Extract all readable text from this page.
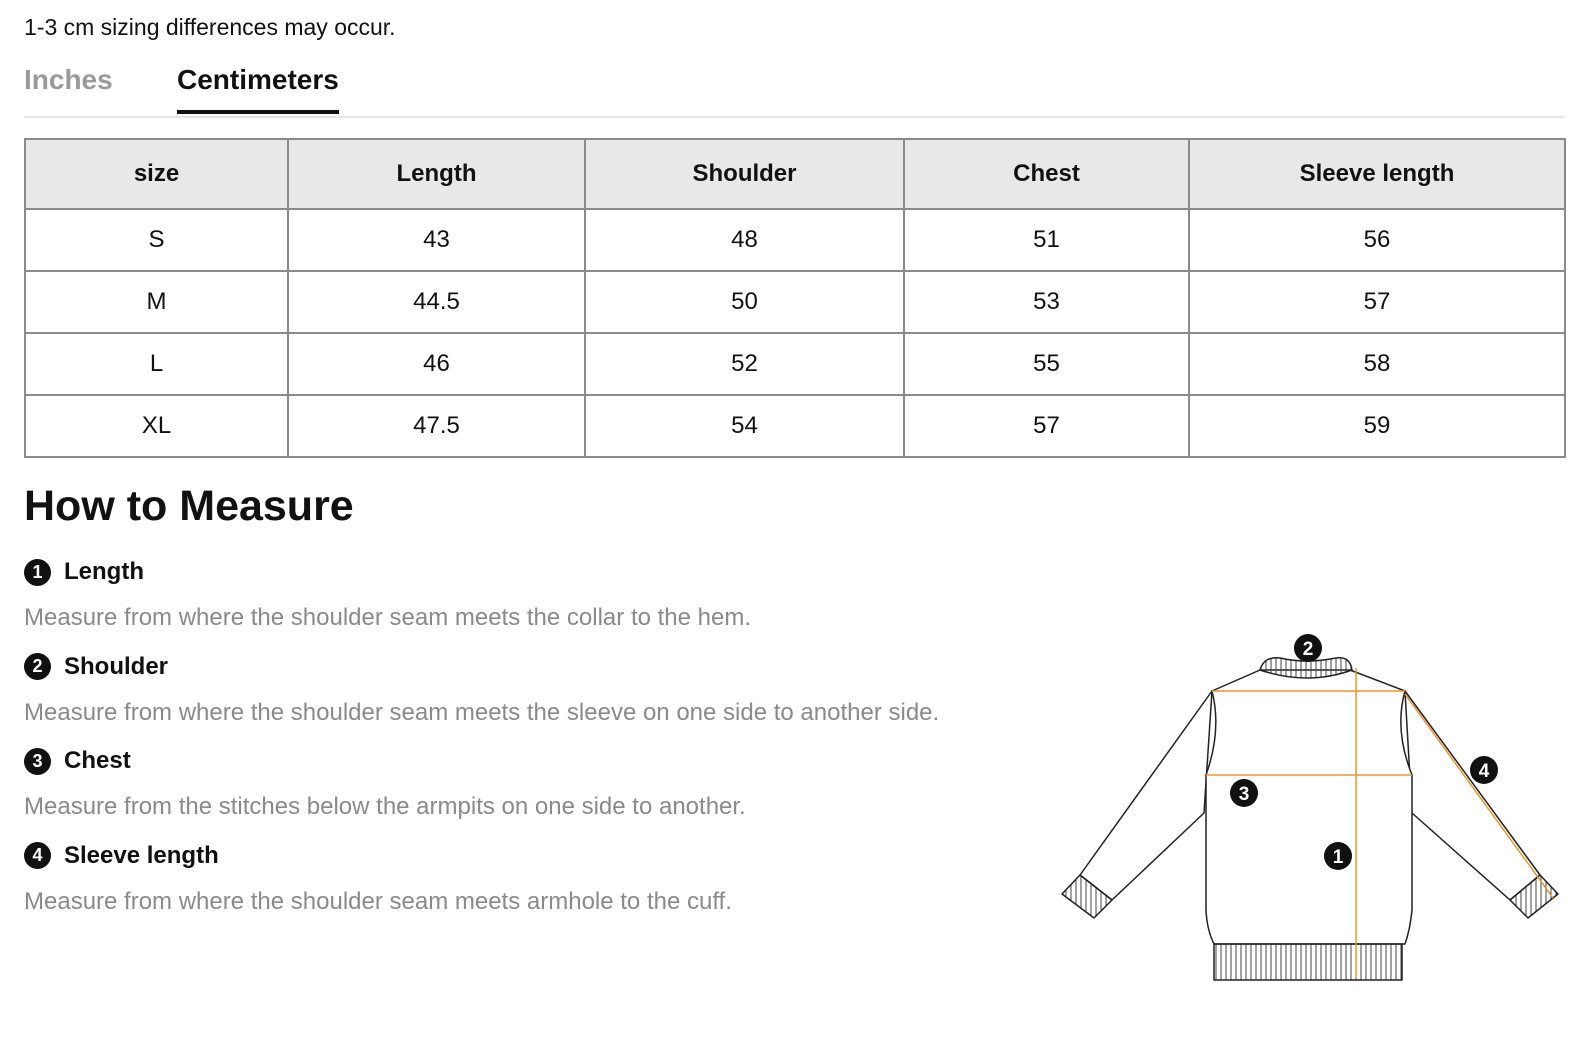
1-3 cm sizing differences may occur.
Inches Centimeters
size	Length	Shoulder	Chest	Sleeve length
S	43	48	51	56
M	44.5	50	53	57
L	46	52	55	58
XL	47.5	54	57	59
How to Measure
1 Length
Measure from where the shoulder seam meets the collar to the hem.
2 Shoulder
Measure from where the shoulder seam meets the sleeve on one side to another side.
3 Chest
Measure from the stitches below the armpits on one side to another.
4 Sleeve length
Measure from where the shoulder seam meets armhole to the cuff.
1
2
3
4
